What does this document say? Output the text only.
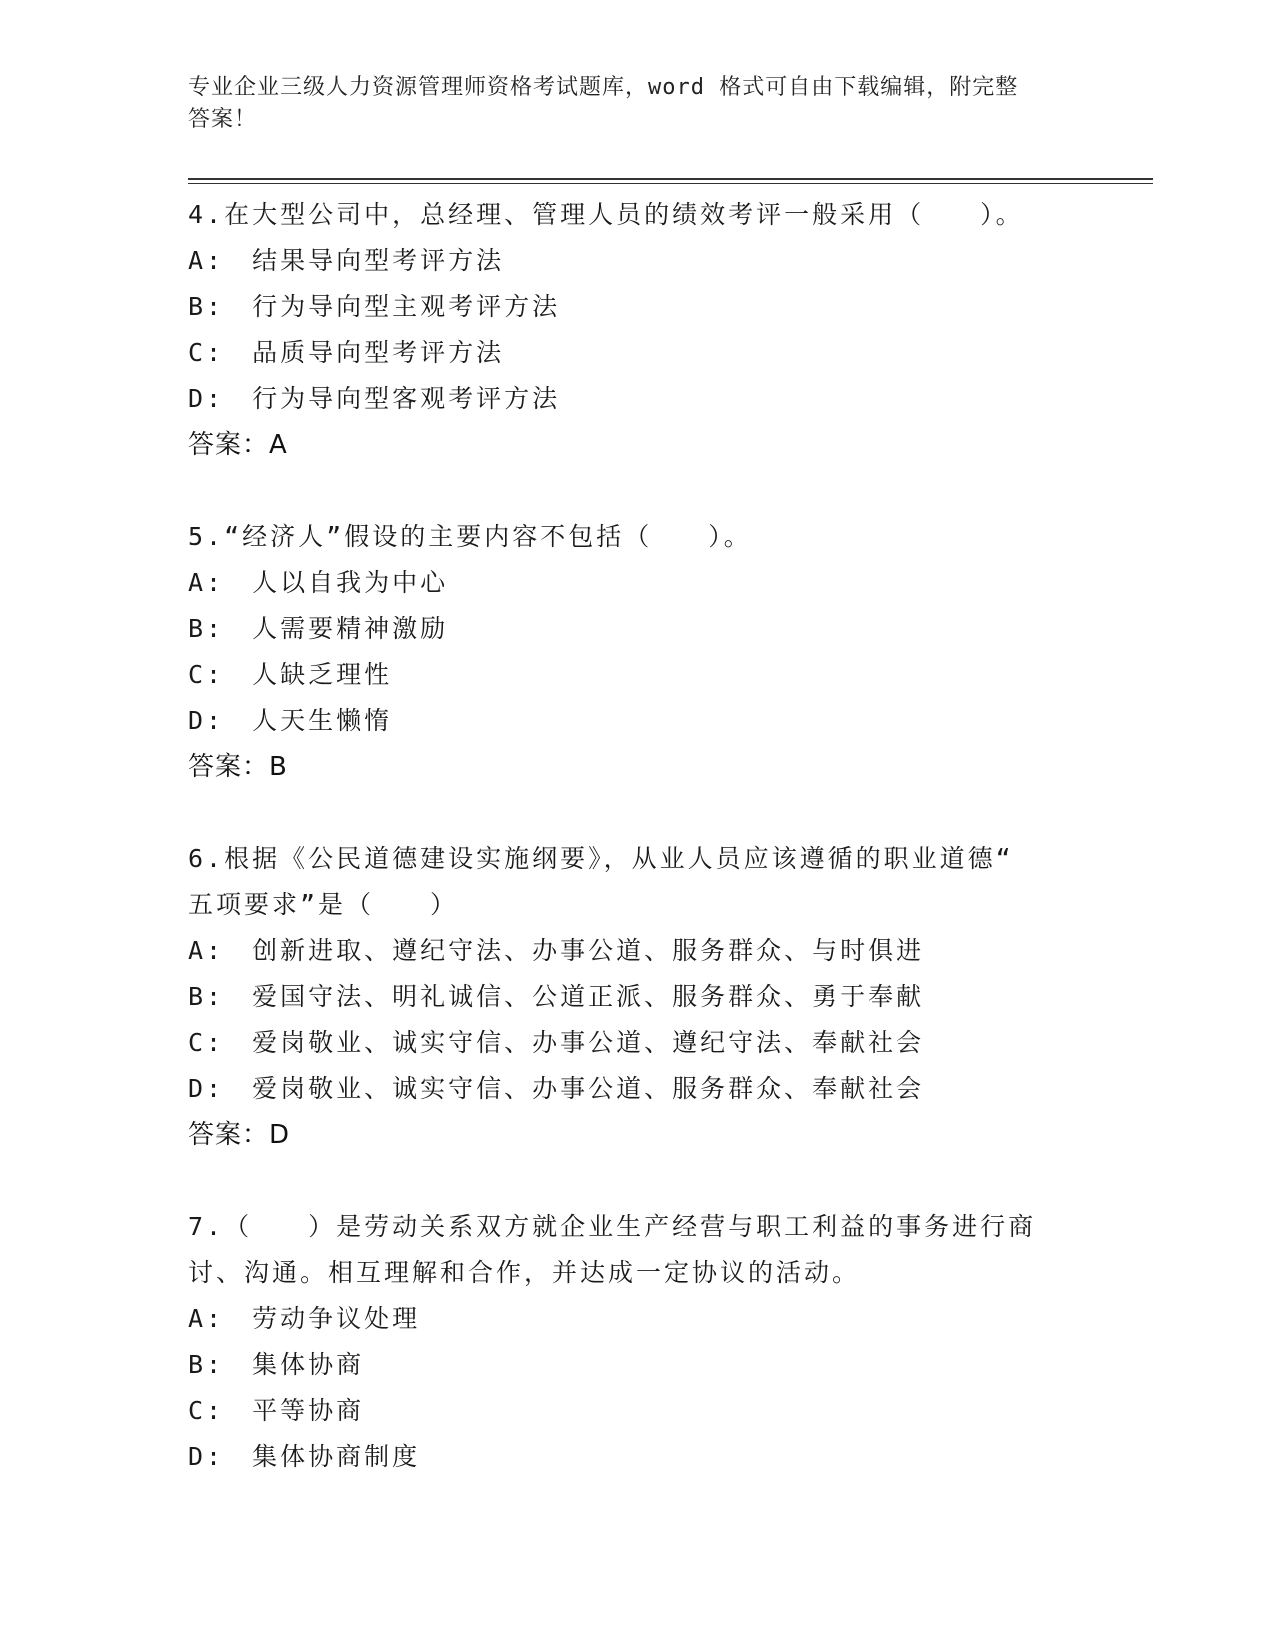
专业企业三级人力资源管理师资格考试题库，word 格式可自由下载编辑，附完整
答案！
4.在大型公司中，总经理、管理人员的绩效考评一般采用（　　）。
A:　结果导向型考评方法
B:　行为导向型主观考评方法
C:　品质导向型考评方法
D:　行为导向型客观考评方法
答案：A
5.“经济人”假设的主要内容不包括（　　）。
A:　人以自我为中心
B:　人需要精神激励
C:　人缺乏理性
D:　人天生懒惰
答案：B
6.根据《公民道德建设实施纲要》，从业人员应该遵循的职业道德“
五项要求”是（　　）
A:　创新进取、遵纪守法、办事公道、服务群众、与时俱进
B:　爱国守法、明礼诚信、公道正派、服务群众、勇于奉献
C:　爱岗敬业、诚实守信、办事公道、遵纪守法、奉献社会
D:　爱岗敬业、诚实守信、办事公道、服务群众、奉献社会
答案：D
7.（　　）是劳动关系双方就企业生产经营与职工利益的事务进行商
讨、沟通。相互理解和合作，并达成一定协议的活动。
A:　劳动争议处理
B:　集体协商
C:　平等协商
D:　集体协商制度
